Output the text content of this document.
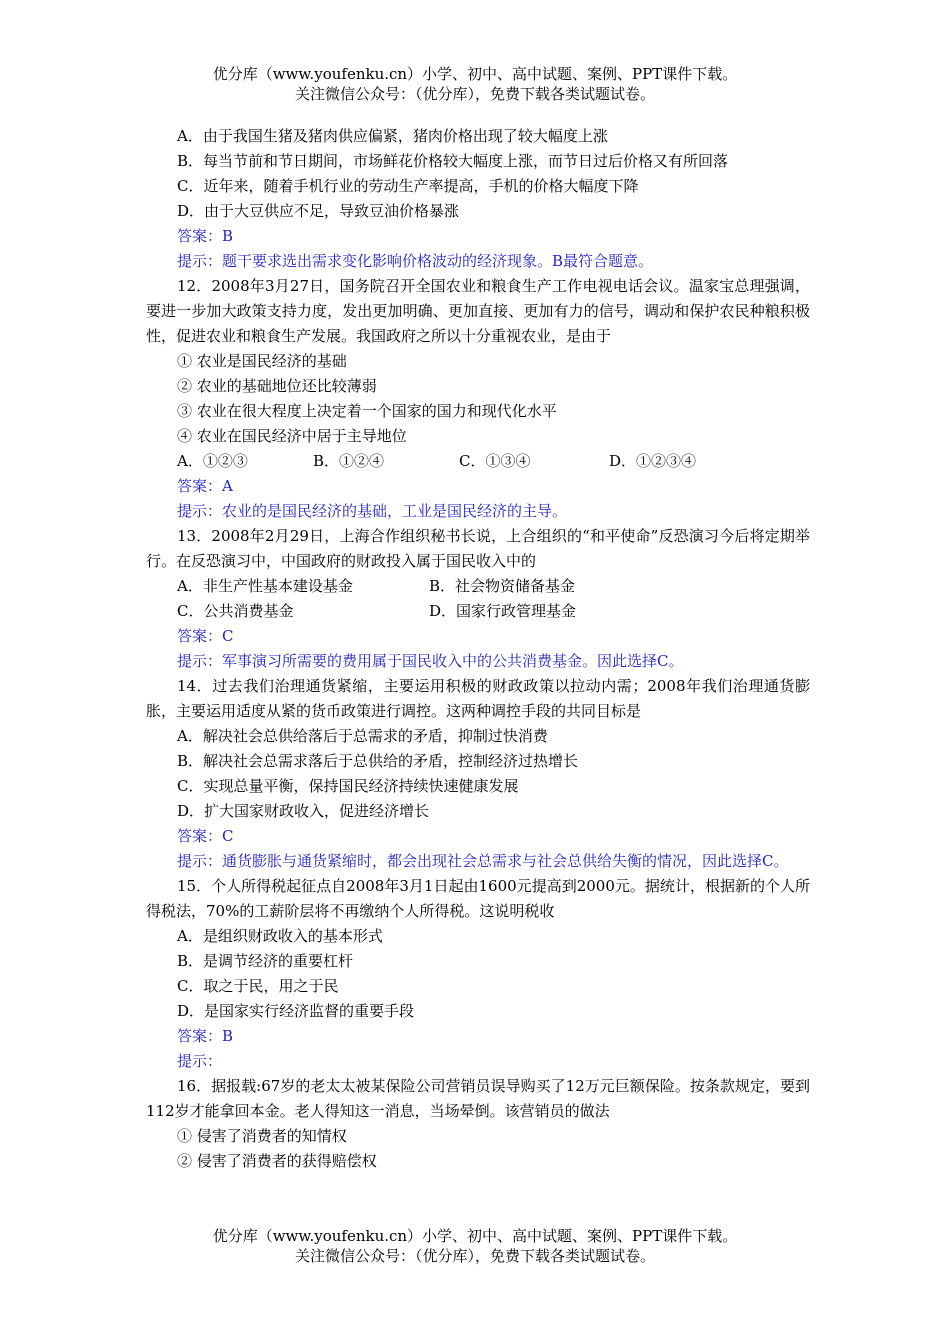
优分库（www.youfenku.cn）小学、初中、高中试题、案例、PPT课件下载。
关注微信公众号：（优分库），免费下载各类试题试卷。
A．由于我国生猪及猪肉供应偏紧，猪肉价格出现了较大幅度上涨
B．每当节前和节日期间，市场鲜花价格较大幅度上涨，而节日过后价格又有所回落
C．近年来，随着手机行业的劳动生产率提高，手机的价格大幅度下降
D．由于大豆供应不足，导致豆油价格暴涨
答案：B
提示：题干要求选出需求变化影响价格波动的经济现象。B最符合题意。
12．2008年3月27日，国务院召开全国农业和粮食生产工作电视电话会议。温家宝总理强调，要进一步加大政策支持力度，发出更加明确、更加直接、更加有力的信号，调动和保护农民种粮积极性，促进农业和粮食生产发展。我国政府之所以十分重视农业，是由于
① 农业是国民经济的基础
② 农业的基础地位还比较薄弱
③ 农业在很大程度上决定着一个国家的国力和现代化水平
④ 农业在国民经济中居于主导地位
A．①②③	B．①②④	C．①③④	D．①②③④
答案：A
提示：农业的是国民经济的基础，工业是国民经济的主导。
13．2008年2月29日，上海合作组织秘书长说，上合组织的“和平使命”反恐演习今后将定期举行。在反恐演习中，中国政府的财政投入属于国民收入中的
A．非生产性基本建设基金	B．社会物资储备基金
C．公共消费基金	D．国家行政管理基金
答案：C
提示：军事演习所需要的费用属于国民收入中的公共消费基金。因此选择C。
14．过去我们治理通货紧缩，主要运用积极的财政政策以拉动内需；2008年我们治理通货膨胀，主要运用适度从紧的货币政策进行调控。这两种调控手段的共同目标是
A．解决社会总供给落后于总需求的矛盾，抑制过快消费
B．解决社会总需求落后于总供给的矛盾，控制经济过热增长
C．实现总量平衡，保持国民经济持续快速健康发展
D．扩大国家财政收入，促进经济增长
答案：C
提示：通货膨胀与通货紧缩时，都会出现社会总需求与社会总供给失衡的情况，因此选择C。
15．个人所得税起征点自2008年3月1日起由1600元提高到2000元。据统计，根据新的个人所得税法，70%的工薪阶层将不再缴纳个人所得税。这说明税收
A．是组织财政收入的基本形式
B．是调节经济的重要杠杆
C．取之于民，用之于民
D．是国家实行经济监督的重要手段
答案：B
提示：
16．据报载:67岁的老太太被某保险公司营销员误导购买了12万元巨额保险。按条款规定，要到112岁才能拿回本金。老人得知这一消息，当场晕倒。该营销员的做法
① 侵害了消费者的知情权
② 侵害了消费者的获得赔偿权
优分库（www.youfenku.cn）小学、初中、高中试题、案例、PPT课件下载。
关注微信公众号：（优分库），免费下载各类试题试卷。
